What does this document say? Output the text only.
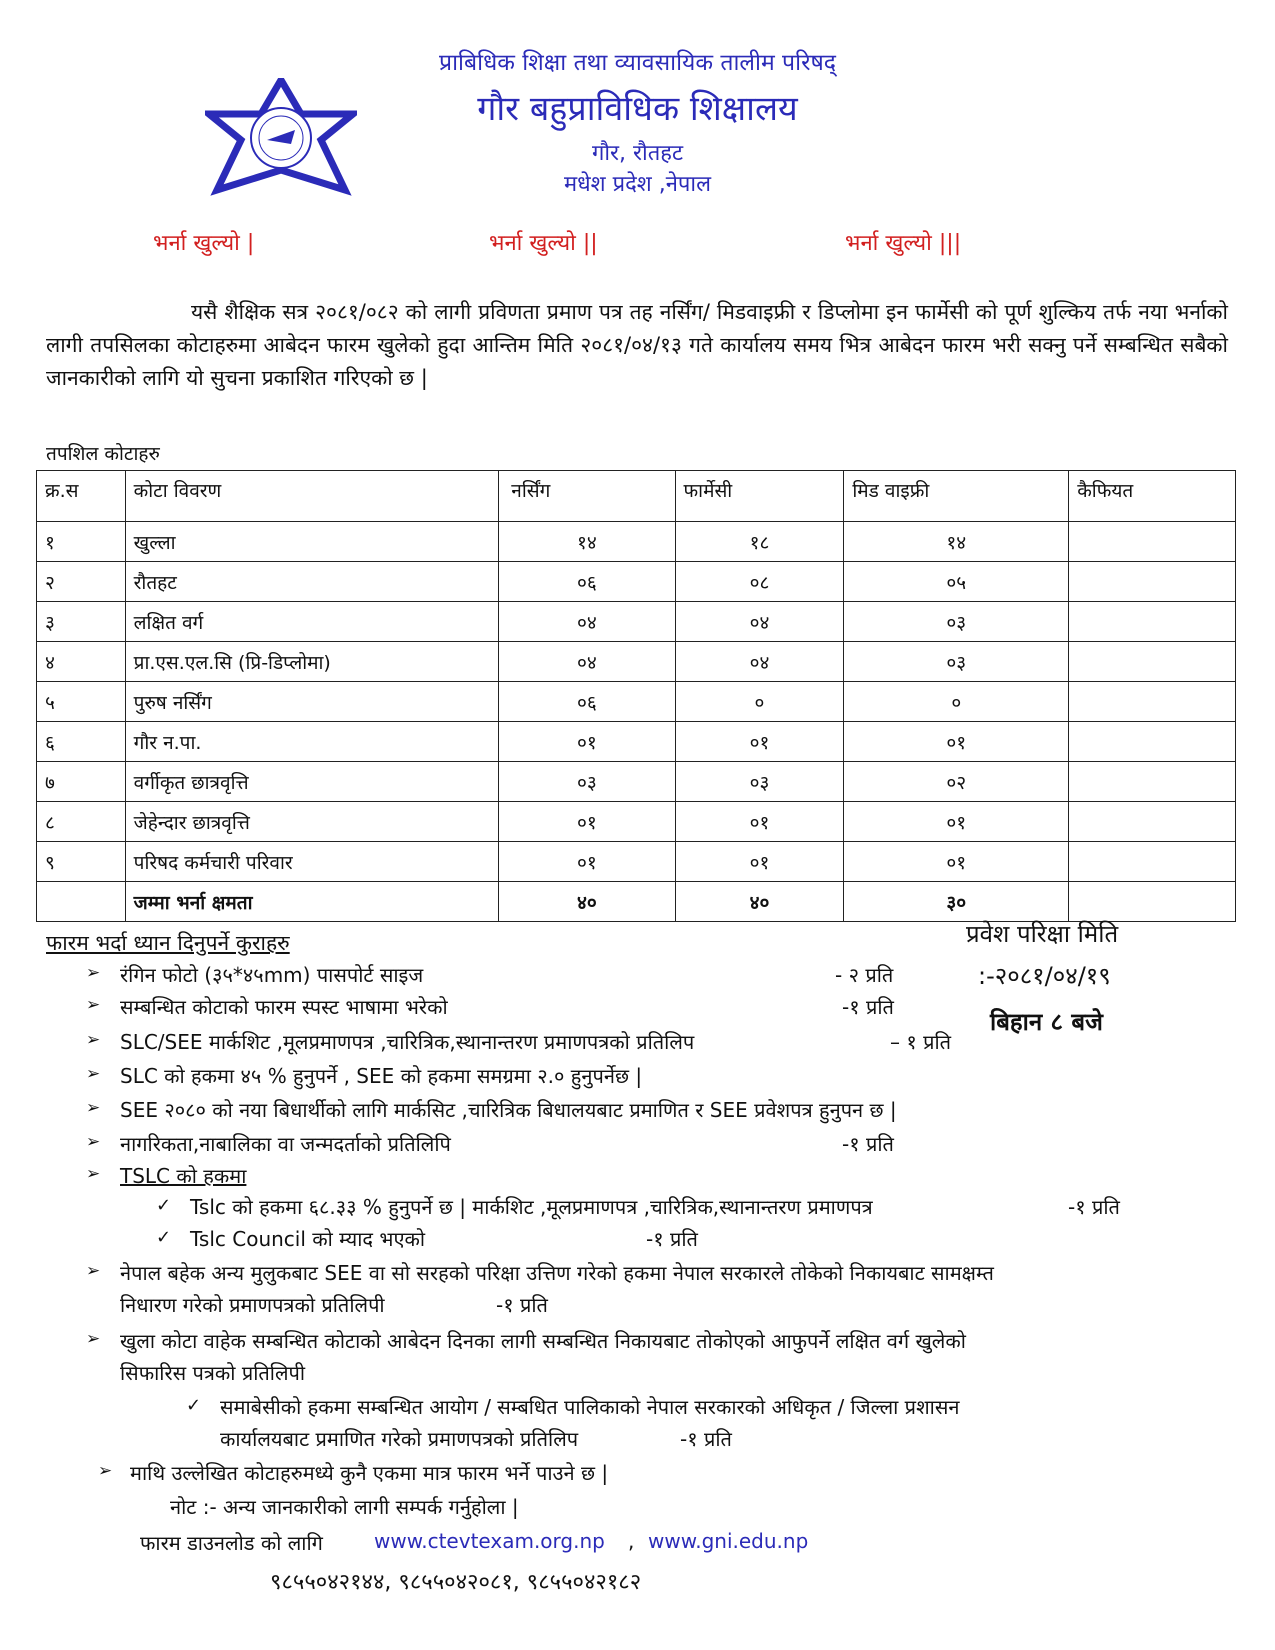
प्राबिधिक शिक्षा तथा व्यावसायिक तालीम परिषद्
गौर बहुप्राविधिक शिक्षालय
गौर, रौतहट
मधेश प्रदेश ,नेपाल
भर्ना खुल्यो |	भर्ना खुल्यो ||	भर्ना खुल्यो |||
यसै शैक्षिक सत्र २०८१/०८२ को लागी प्रविणता प्रमाण पत्र तह नर्सिंग/ मिडवाइफ्री र डिप्लोमा इन फार्मेसी को पूर्ण शुल्किय तर्फ नया भर्नाको लागी तपसिलका कोटाहरुमा आबेदन फारम खुलेको हुदा आन्तिम मिति २०८१/०४/१३ गते कार्यालय समय भित्र आबेदन फारम भरी सक्नु पर्ने सम्बन्धित सबैको जानकारीको लागि यो सुचना प्रकाशित गरिएको छ |
तपशिल कोटाहरु
क्र.स	कोटा विवरण	नर्सिंग	फार्मेसी	मिड वाइफ्री	कैफियत
१	खुल्ला	१४	१८	१४	
२	रौतहट	०६	०८	०५	
३	लक्षित वर्ग	०४	०४	०३	
४	प्रा.एस.एल.सि (प्रि-डिप्लोमा)	०४	०४	०३	
५	पुरुष नर्सिंग	०६	०	०	
६	गौर न.पा.	०१	०१	०१	
७	वर्गीकृत छात्रवृत्ति	०३	०३	०२	
८	जेहेन्दार छात्रवृत्ति	०१	०१	०१	
९	परिषद कर्मचारी परिवार	०१	०१	०१	
	जम्मा भर्ना क्षमता	४०	४०	३०	
फारम भर्दा ध्यान दिनुपर्ने कुराहरु
➢ रंगिन फोटो (३५*४५mm) पासपोर्ट साइज	- २ प्रति
➢ सम्बन्धित कोटाको फारम स्पस्ट भाषामा भरेको	-१ प्रति
➢ SLC/SEE मार्कशिट ,मूलप्रमाणपत्र ,चारित्रिक,स्थानान्तरण प्रमाणपत्रको प्रतिलिप	– १ प्रति
➢ SLC को हकमा ४५ % हुनुपर्ने , SEE को हकमा समग्रमा २.० हुनुपर्नेछ |
➢ SEE २०८० को नया बिधार्थीको लागि मार्कसिट ,चारित्रिक बिधालयबाट प्रमाणित र SEE प्रवेशपत्र हुनुपन छ |
➢ नागरिकता,नाबालिका वा जन्मदर्ताको प्रतिलिपि	-१ प्रति
➢ TSLC को हकमा
✓ Tslc को हकमा ६८.३३ % हुनुपर्ने छ | मार्कशिट ,मूलप्रमाणपत्र ,चारित्रिक,स्थानान्तरण प्रमाणपत्र	-१ प्रति
✓ Tslc Council को म्याद भएको	-१ प्रति
➢ नेपाल बहेक अन्य मुलुकबाट SEE वा सो सरहको परिक्षा उत्तिण गरेको हकमा नेपाल सरकारले तोकेको निकायबाट सामक्षम्त
निधारण गरेको प्रमाणपत्रको प्रतिलिपी	-१ प्रति
➢ खुला कोटा वाहेक सम्बन्धित कोटाको आबेदन दिनका लागी सम्बन्धित निकायबाट तोकोएको आफुपर्ने लक्षित वर्ग खुलेको
सिफारिस पत्रको प्रतिलिपी
✓ समाबेसीको हकमा सम्बन्धित आयोग / सम्बधित पालिकाको नेपाल सरकारको अधिकृत / जिल्ला प्रशासन
कार्यालयबाट प्रमाणित गरेको प्रमाणपत्रको प्रतिलिप	-१ प्रति
➢ माथि उल्लेखित कोटाहरुमध्ये कुनै एकमा मात्र फारम भर्ने पाउने छ |
नोट :- अन्य जानकारीको लागी सम्पर्क गर्नुहोला |
फारम डाउनलोड को लागि	www.ctevtexam.org.np , www.gni.edu.np
९८५५०४२१४४, ९८५५०४२०८१, ९८५५०४२१८२
प्रवेश परिक्षा मिति
:-२०८१/०४/१९
बिहान ८ बजे
